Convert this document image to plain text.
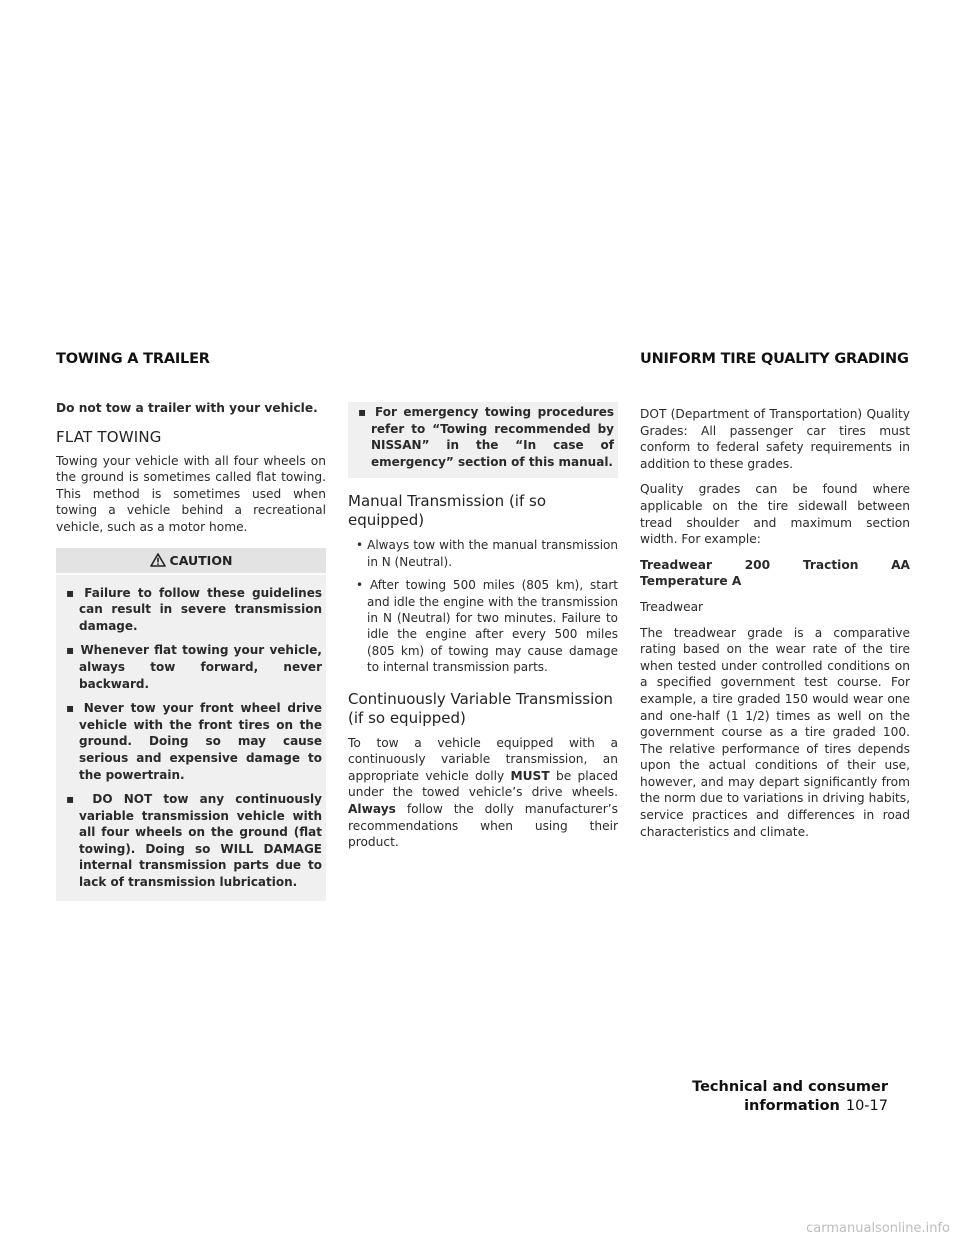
TOWING A TRAILER	UNIFORM TIRE QUALITY GRADING

Do not tow a trailer with your vehicle.

FLAT TOWING

Towing your vehicle with all four wheels on the ground is sometimes called flat towing. This method is sometimes used when towing a vehicle behind a recreational vehicle, such as a motor home.

CAUTION
▪ Failure to follow these guidelines can result in severe transmission damage.
▪ Whenever flat towing your vehicle, always tow forward, never backward.
▪ Never tow your front wheel drive vehicle with the front tires on the ground. Doing so may cause serious and expensive damage to the powertrain.
▪ DO NOT tow any continuously variable transmission vehicle with all four wheels on the ground (flat towing). Doing so WILL DAMAGE internal transmission parts due to lack of transmission lubrication.
▪ For emergency towing procedures refer to “Towing recommended by NISSAN” in the “In case of emergency” section of this manual.
Manual Transmission (if so equipped)
• Always tow with the manual transmission in N (Neutral).
• After towing 500 miles (805 km), start and idle the engine with the transmission in N (Neutral) for two minutes. Failure to idle the engine after every 500 miles (805 km) of towing may cause damage to internal transmission parts.
Continuously Variable Transmission (if so equipped)

To tow a vehicle equipped with a continuously variable transmission, an appropriate vehicle dolly MUST be placed under the towed vehicle’s drive wheels. Always follow the dolly manufacturer’s recommendations when using their product.

DOT (Department of Transportation) Quality Grades: All passenger car tires must conform to federal safety requirements in addition to these grades.

Quality grades can be found where applicable on the tire sidewall between tread shoulder and maximum section width. For example:

Treadwear 200 Traction AA Temperature A

Treadwear

The treadwear grade is a comparative rating based on the wear rate of the tire when tested under controlled conditions on a specified government test course. For example, a tire graded 150 would wear one and one-half (1 1/2) times as well on the government course as a tire graded 100. The relative performance of tires depends upon the actual conditions of their use, however, and may depart significantly from the norm due to variations in driving habits, service practices and differences in road characteristics and climate.

Technical and consumer information 10-17
carmanualsonline.info
